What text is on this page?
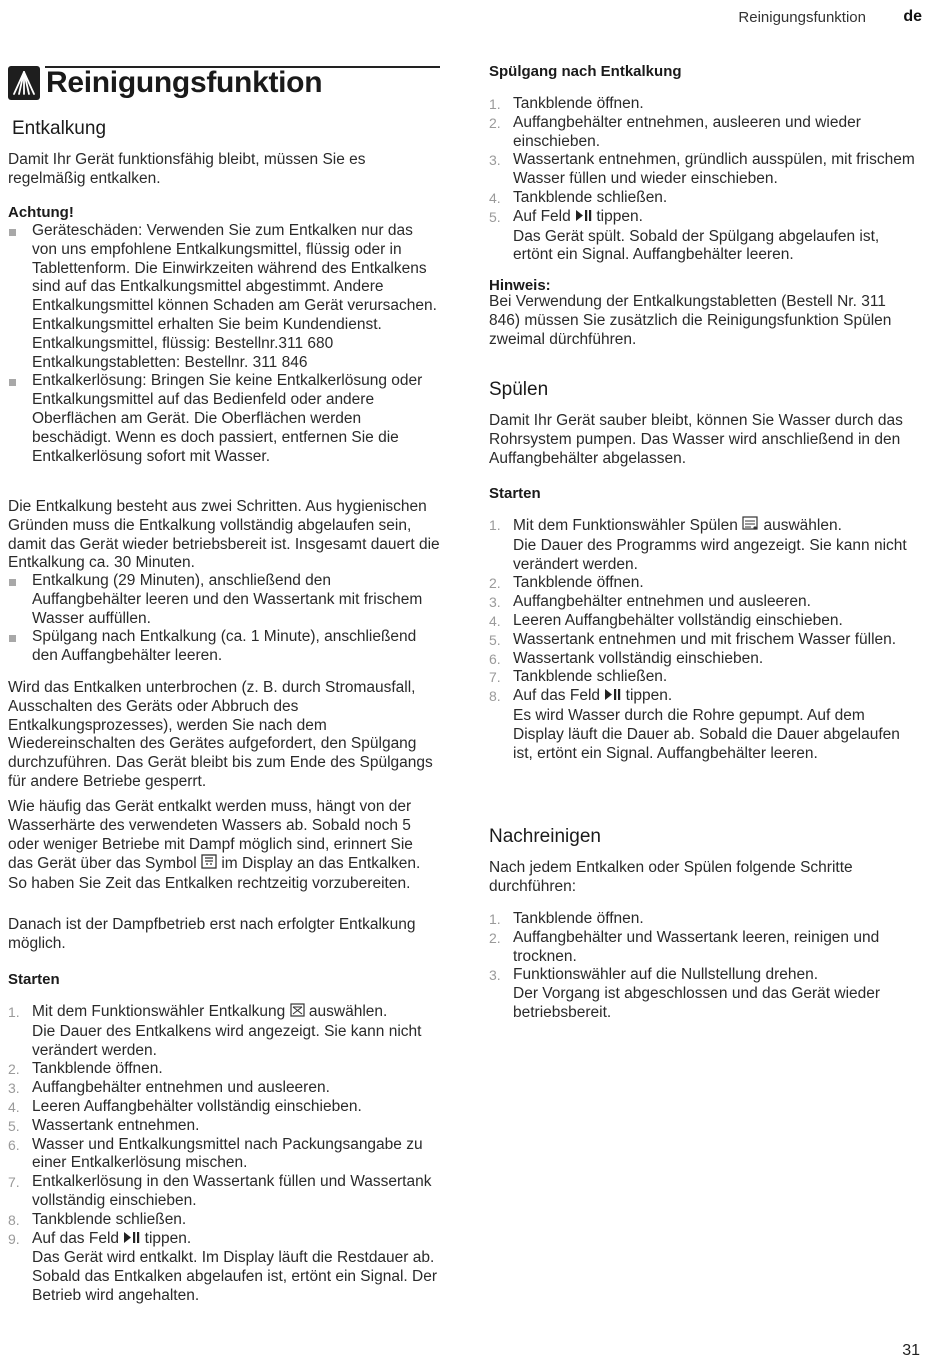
Reinigungsfunktion de
Reinigungsfunktion
Entkalkung

Damit Ihr Gerät funktionsfähig bleibt, müssen Sie es regelmäßig entkalken.

Achtung!
Geräteschäden: Verwenden Sie zum Entkalken nur das von uns empfohlene Entkalkungsmittel, flüssig oder in Tablettenform. Die Einwirkzeiten während des Entkalkens sind auf das Entkalkungsmittel abgestimmt. Andere Entkalkungsmittel können Schaden am Gerät verursachen. Entkalkungsmittel erhalten Sie beim Kundendienst.
Entkalkungsmittel, flüssig: Bestellnr.311 680
Entkalkungstabletten: Bestellnr. 311 846
Entkalkerlösung: Bringen Sie keine Entkalkerlösung oder Entkalkungsmittel auf das Bedienfeld oder andere Oberflächen am Gerät. Die Oberflächen werden beschädigt. Wenn es doch passiert, entfernen Sie die Entkalkerlösung sofort mit Wasser.

Die Entkalkung besteht aus zwei Schritten. Aus hygienischen Gründen muss die Entkalkung vollständig abgelaufen sein, damit das Gerät wieder betriebsbereit ist. Insgesamt dauert die Entkalkung ca. 30 Minuten.

Entkalkung (29 Minuten), anschließend den Auffangbehälter leeren und den Wassertank mit frischem Wasser auffüllen.
Spülgang nach Entkalkung (ca. 1 Minute), anschließend den Auffangbehälter leeren.

Wird das Entkalken unterbrochen (z. B. durch Stromausfall, Ausschalten des Geräts oder Abbruch des Entkalkungsprozesses), werden Sie nach dem Wiedereinschalten des Gerätes aufgefordert, den Spülgang durchzuführen. Das Gerät bleibt bis zum Ende des Spülgangs für andere Betriebe gesperrt.

Wie häufig das Gerät entkalkt werden muss, hängt von der Wasserhärte des verwendeten Wassers ab. Sobald noch 5 oder weniger Betriebe mit Dampf möglich sind, erinnert Sie das Gerät über das Symbol im Display an das Entkalken. So haben Sie Zeit das Entkalken rechtzeitig vorzubereiten.

Danach ist der Dampfbetrieb erst nach erfolgter Entkalkung möglich.

Starten
1. Mit dem Funktionswähler Entkalkung auswählen.
Die Dauer des Entkalkens wird angezeigt. Sie kann nicht verändert werden.
2. Tankblende öffnen.
3. Auffangbehälter entnehmen und ausleeren.
4. Leeren Auffangbehälter vollständig einschieben.
5. Wassertank entnehmen.
6. Wasser und Entkalkungsmittel nach Packungsangabe zu einer Entkalkerlösung mischen.
7. Entkalkerlösung in den Wassertank füllen und Wassertank vollständig einschieben.
8. Tankblende schließen.
9. Auf das Feld tippen.
Das Gerät wird entkalkt. Im Display läuft die Restdauer ab. Sobald das Entkalken abgelaufen ist, ertönt ein Signal. Der Betrieb wird angehalten.
Spülgang nach Entkalkung
1. Tankblende öffnen.
2. Auffangbehälter entnehmen, ausleeren und wieder einschieben.
3. Wassertank entnehmen, gründlich ausspülen, mit frischem Wasser füllen und wieder einschieben.
4. Tankblende schließen.
5. Auf Feld tippen.
Das Gerät spült. Sobald der Spülgang abgelaufen ist, ertönt ein Signal. Auffangbehälter leeren.
Hinweis:

Bei Verwendung der Entkalkungstabletten (Bestell Nr. 311 846) müssen Sie zusätzlich die Reinigungsfunktion Spülen zweimal dürchführen.

Spülen

Damit Ihr Gerät sauber bleibt, können Sie Wasser durch das Rohrsystem pumpen. Das Wasser wird anschließend in den Auffangbehälter abgelassen.

Starten
1. Mit dem Funktionswähler Spülen auswählen.
Die Dauer des Programms wird angezeigt. Sie kann nicht verändert werden.
2. Tankblende öffnen.
3. Auffangbehälter entnehmen und ausleeren.
4. Leeren Auffangbehälter vollständig einschieben.
5. Wassertank entnehmen und mit frischem Wasser füllen.
6. Wassertank vollständig einschieben.
7. Tankblende schließen.
8. Auf das Feld tippen.
Es wird Wasser durch die Rohre gepumpt. Auf dem Display läuft die Dauer ab. Sobald die Dauer abgelaufen ist, ertönt ein Signal. Auffangbehälter leeren.
Nachreinigen

Nach jedem Entkalken oder Spülen folgende Schritte durchführen:

1. Tankblende öffnen.
2. Auffangbehälter und Wassertank leeren, reinigen und trocknen.
3. Funktionswähler auf die Nullstellung drehen.
Der Vorgang ist abgeschlossen und das Gerät wieder betriebsbereit.
31
